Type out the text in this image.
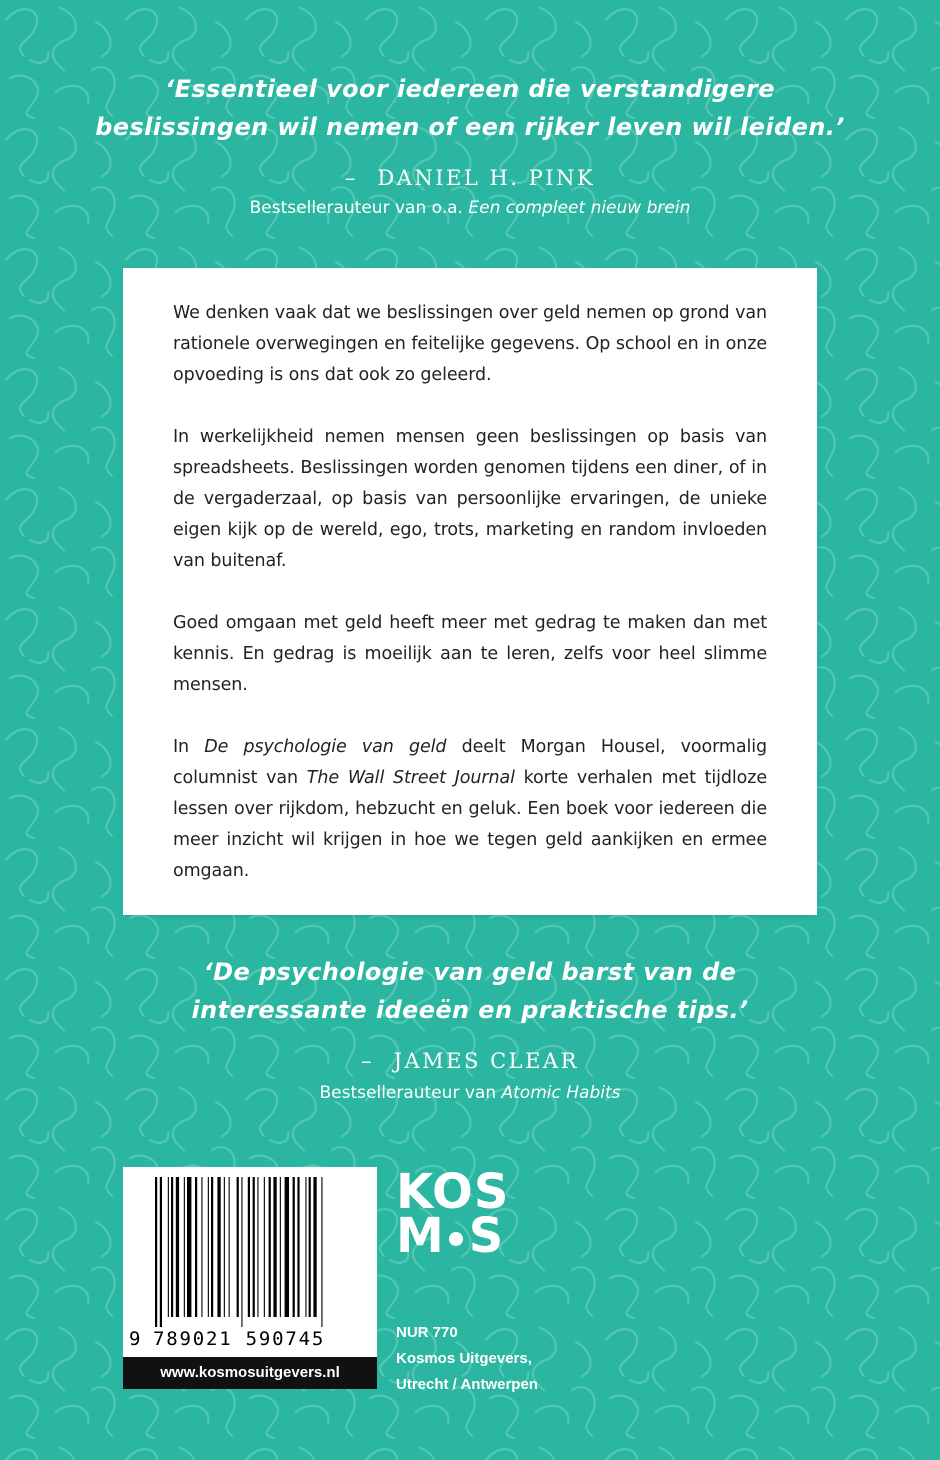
‘Essentieel voor iedereen die verstandigere
beslissingen wil nemen of een rijker leven wil leiden.’
– DANIEL H. PINK
Bestsellerauteur van o.a. Een compleet nieuw brein

We denken vaak dat we beslissingen over geld nemen op grond van rationele overwegingen en feitelijke gegevens. Op school en in onze opvoeding is ons dat ook zo geleerd.

In werkelijkheid nemen mensen geen beslissingen op basis van spreadsheets. Beslissingen worden genomen tijdens een diner, of in de vergaderzaal, op basis van persoonlijke ervaringen, de unieke eigen kijk op de wereld, ego, trots, marketing en random invloeden van buitenaf.

Goed omgaan met geld heeft meer met gedrag te maken dan met kennis. En gedrag is moeilijk aan te leren, zelfs voor heel slimme mensen.

In De psychologie van geld deelt Morgan Housel, voormalig columnist van The Wall Street Journal korte verhalen met tijdloze lessen over rijkdom, hebzucht en geluk. Een boek voor iedereen die meer inzicht wil krijgen in hoe we tegen geld aankijken en ermee omgaan.

‘De psychologie van geld barst van de
interessante ideeën en praktische tips.’
– JAMES CLEAR
Bestsellerauteur van Atomic Habits
9 789021 590745
www.kosmosuitgevers.nl
KOS
M S
NUR 770
Kosmos Uitgevers,
Utrecht / Antwerpen
